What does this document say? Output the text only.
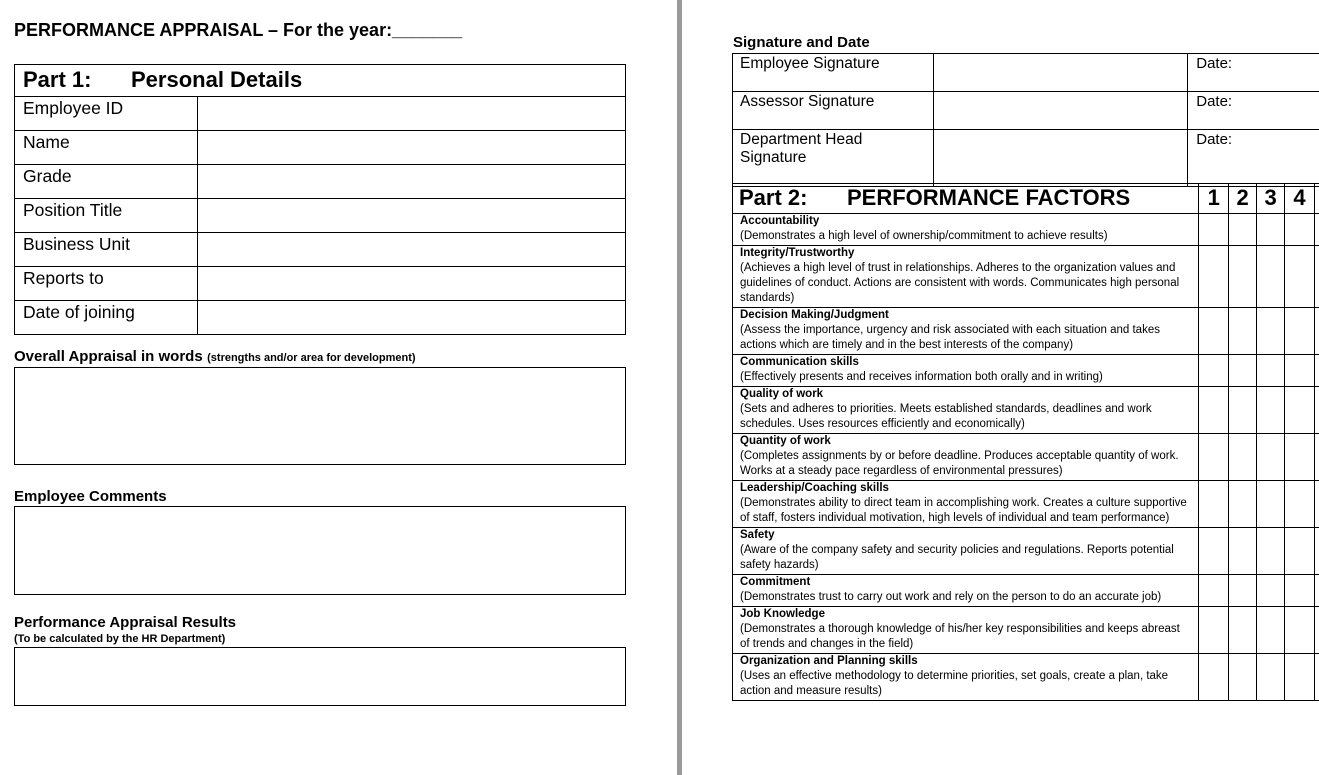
PERFORMANCE APPRAISAL – For the year:_______
Part 1: Personal Details	
Employee ID	
Name	
Grade	
Position Title	
Business Unit	
Reports to	
Date of joining	
Overall Appraisal in words (strengths and/or area for development)
Employee Comments
Performance Appraisal Results
(To be calculated by the HR Department)
Signature and Date
Employee Signature		Date:
Assessor Signature		Date:
Department Head Signature		Date:
Part 2: PERFORMANCE FACTORS	1	2	3	4	

Accountability
(Demonstrates a high level of ownership/commitment to achieve results)					

Integrity/Trustworthy
(Achieves a high level of trust in relationships. Adheres to the organization values and guidelines of conduct. Actions are consistent with words. Communicates high personal standards)					

Decision Making/Judgment
(Assess the importance, urgency and risk associated with each situation and takes actions which are timely and in the best interests of the company)					

Communication skills
(Effectively presents and receives information both orally and in writing)					

Quality of work
(Sets and adheres to priorities. Meets established standards, deadlines and work schedules. Uses resources efficiently and economically)					

Quantity of work
(Completes assignments by or before deadline. Produces acceptable quantity of work. Works at a steady pace regardless of environmental pressures)					

Leadership/Coaching skills
(Demonstrates ability to direct team in accomplishing work. Creates a culture supportive of staff, fosters individual motivation, high levels of individual and team performance)					

Safety
(Aware of the company safety and security policies and regulations. Reports potential safety hazards)					

Commitment
(Demonstrates trust to carry out work and rely on the person to do an accurate job)					

Job Knowledge
(Demonstrates a thorough knowledge of his/her key responsibilities and keeps abreast of trends and changes in the field)					

Organization and Planning skills
(Uses an effective methodology to determine priorities, set goals, create a plan, take action and measure results)					
